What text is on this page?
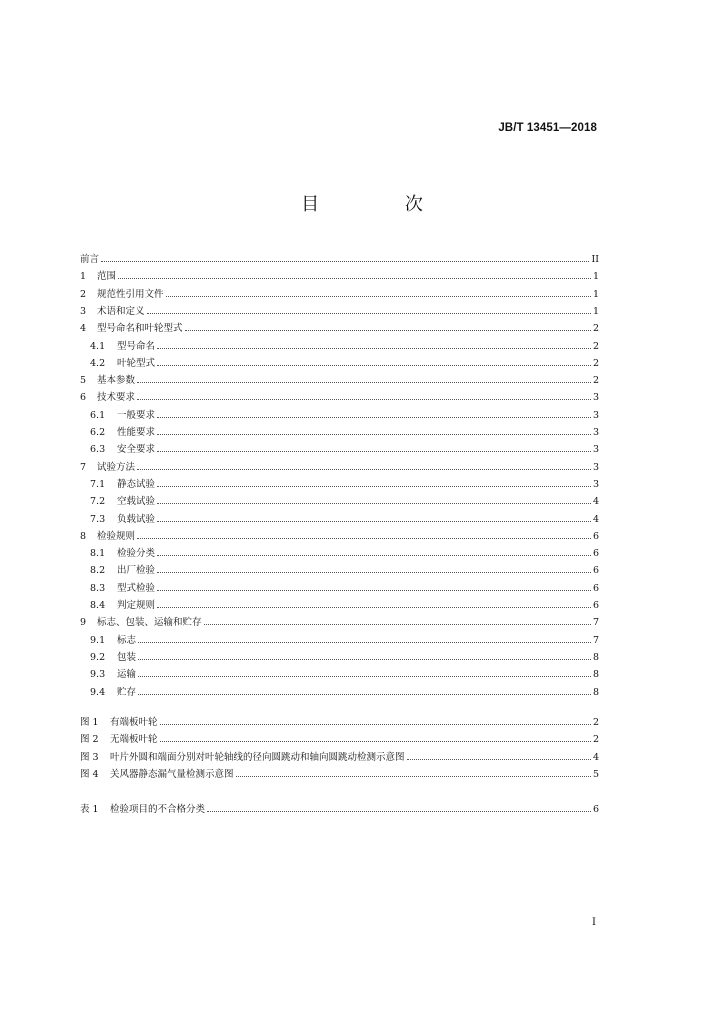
JB/T 13451—2018
目 次
前言	II
1	范围	1
2	规范性引用文件	1
3	术语和定义	1
4	型号命名和叶轮型式	2
4.1	型号命名	2
4.2	叶轮型式	2
5	基本参数	2
6	技术要求	3
6.1	一般要求	3
6.2	性能要求	3
6.3	安全要求	3
7	试验方法	3
7.1	静态试验	3
7.2	空载试验	4
7.3	负载试验	4
8	检验规则	6
8.1	检验分类	6
8.2	出厂检验	6
8.3	型式检验	6
8.4	判定规则	6
9	标志、包装、运输和贮存	7
9.1	标志	7
9.2	包装	8
9.3	运输	8
9.4	贮存	8
图 1	有端板叶轮	2
图 2	无端板叶轮	2
图 3	叶片外圆和端面分别对叶轮轴线的径向圆跳动和轴向圆跳动检测示意图	4
图 4	关风器静态漏气量检测示意图	5
表 1	检验项目的不合格分类	6
I
